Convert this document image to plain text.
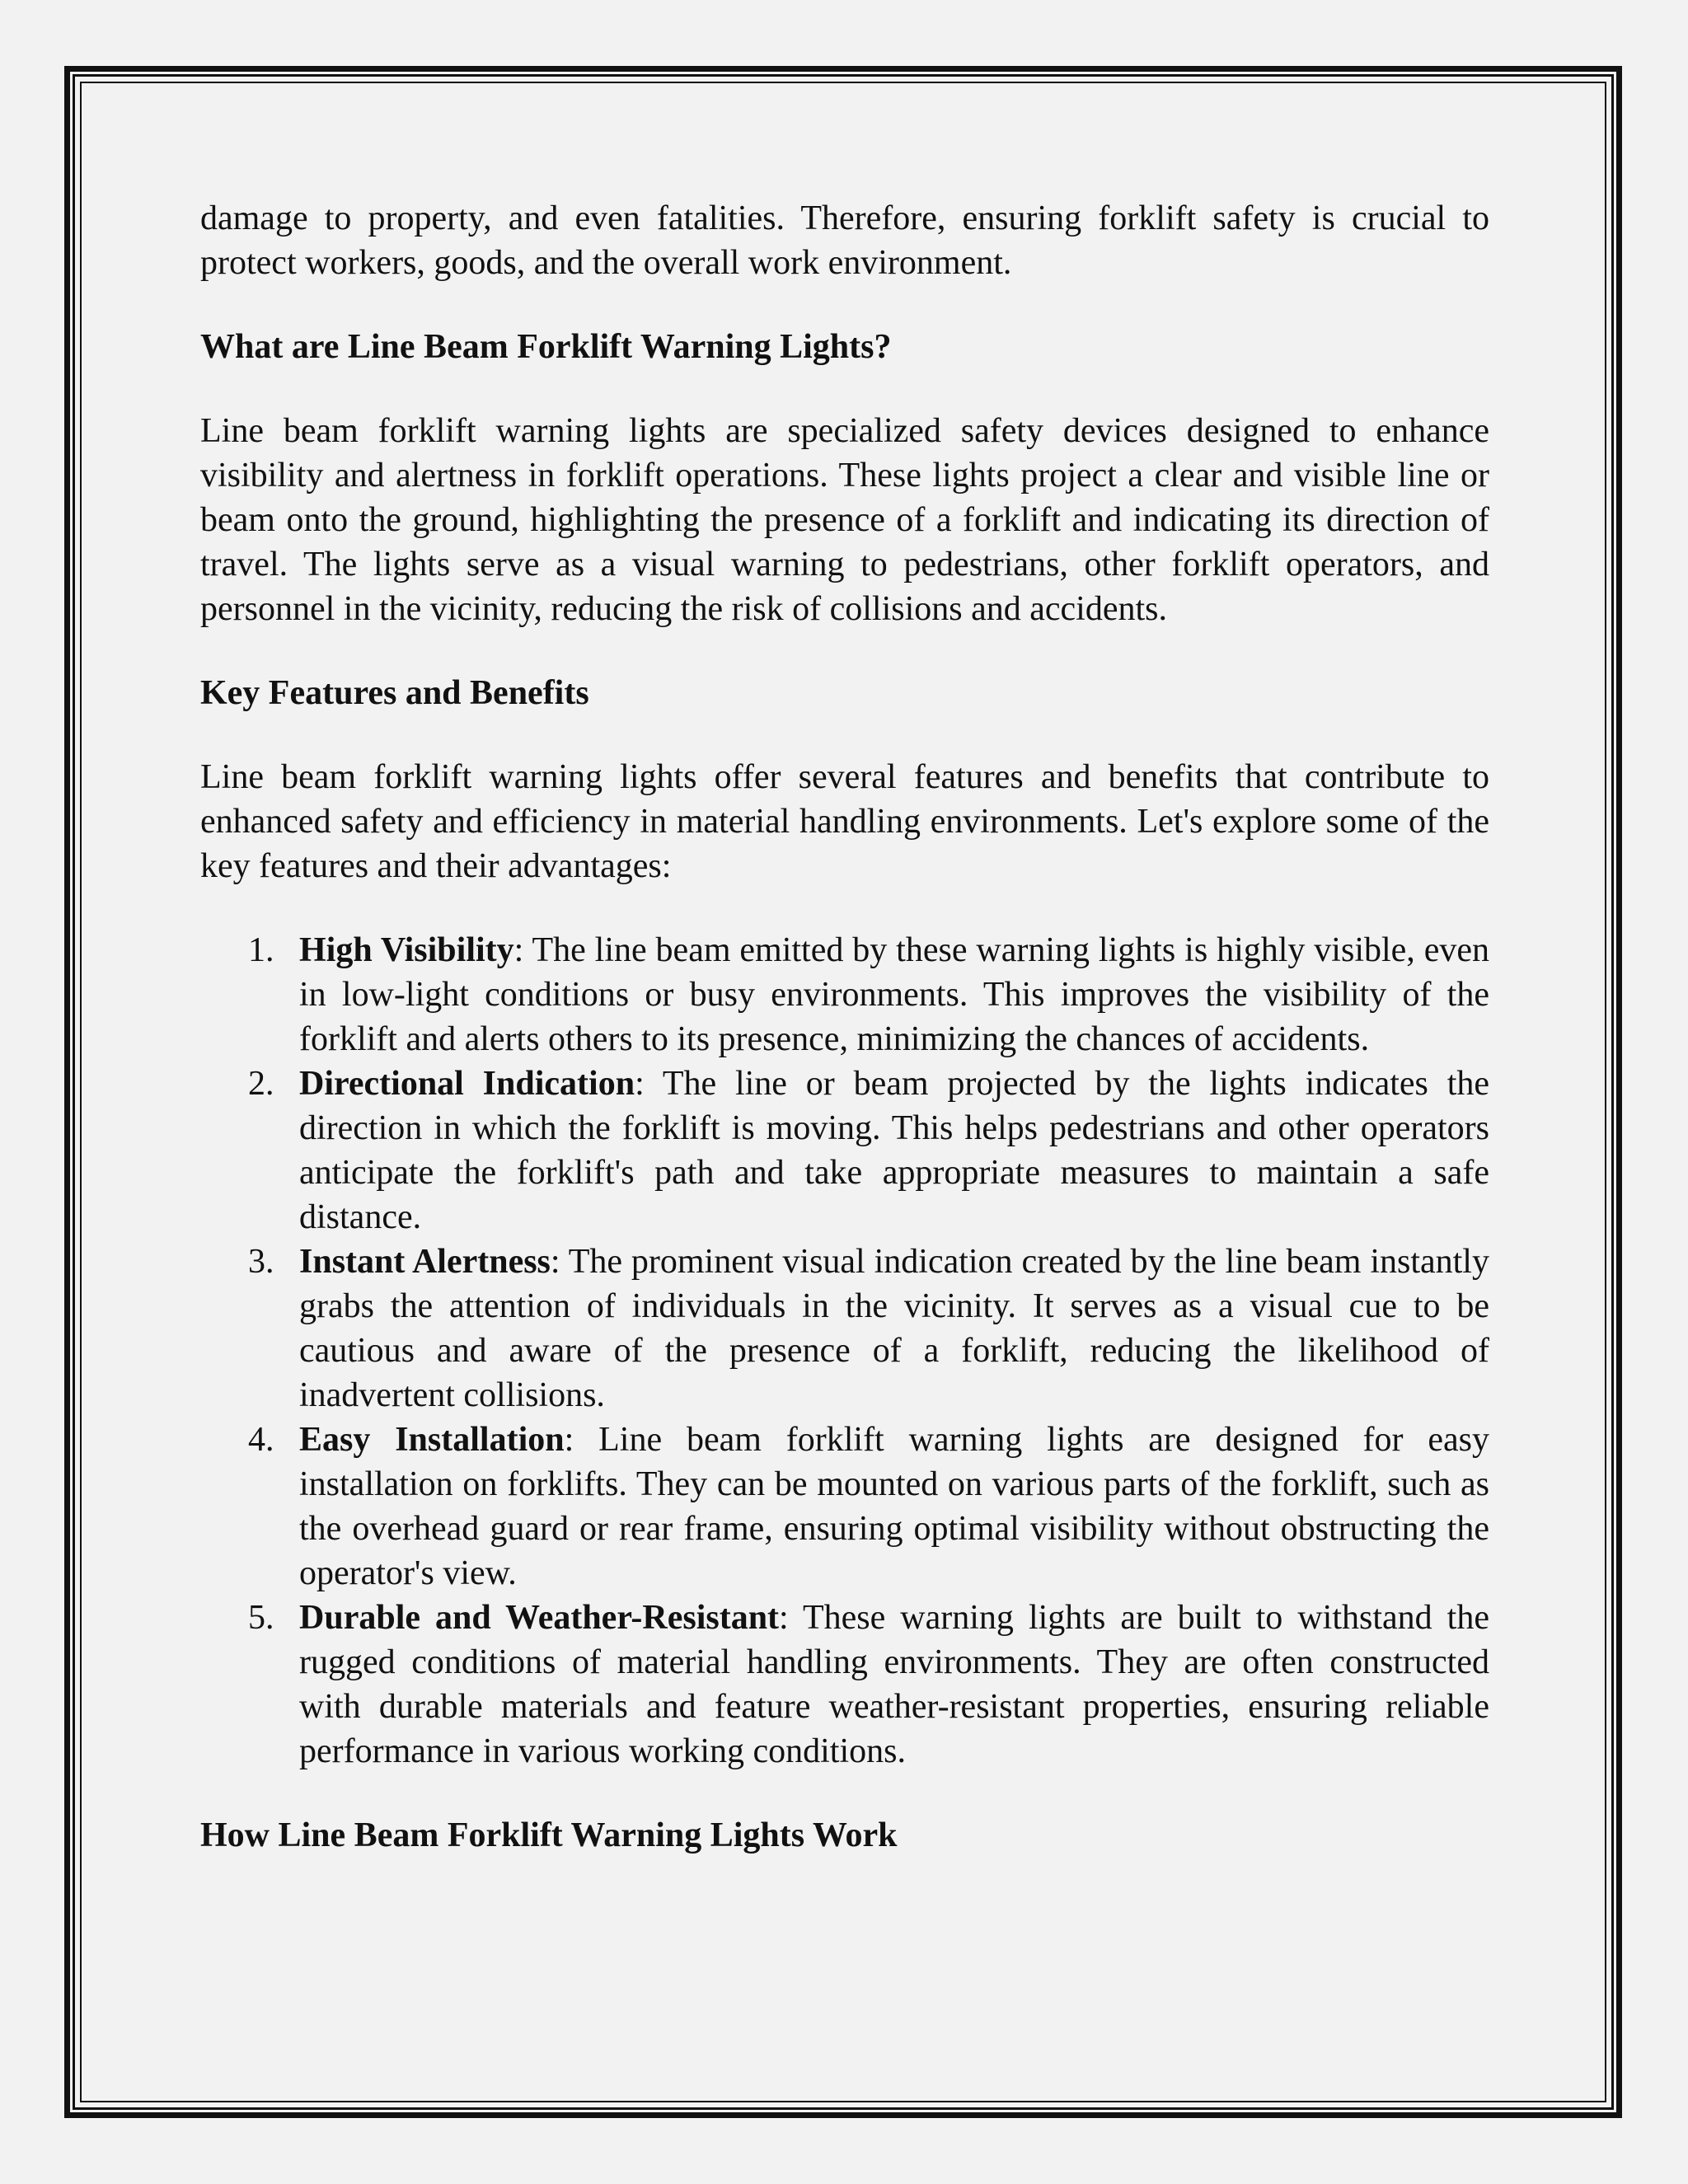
damage to property, and even fatalities. Therefore, ensuring forklift safety is crucial to protect workers, goods, and the overall work environment.

What are Line Beam Forklift Warning Lights?

Line beam forklift warning lights are specialized safety devices designed to enhance visibility and alertness in forklift operations. These lights project a clear and visible line or beam onto the ground, highlighting the presence of a forklift and indicating its direction of travel. The lights serve as a visual warning to pedestrians, other forklift operators, and personnel in the vicinity, reducing the risk of collisions and accidents.

Key Features and Benefits

Line beam forklift warning lights offer several features and benefits that contribute to enhanced safety and efficiency in material handling environments. Let's explore some of the key features and their advantages:

1. High Visibility: The line beam emitted by these warning lights is highly visible, even in low-light conditions or busy environments. This improves the visibility of the forklift and alerts others to its presence, minimizing the chances of accidents.
2. Directional Indication: The line or beam projected by the lights indicates the direction in which the forklift is moving. This helps pedestrians and other operators anticipate the forklift's path and take appropriate measures to maintain a safe distance.
3. Instant Alertness: The prominent visual indication created by the line beam instantly grabs the attention of individuals in the vicinity. It serves as a visual cue to be cautious and aware of the presence of a forklift, reducing the likelihood of inadvertent collisions.
4. Easy Installation: Line beam forklift warning lights are designed for easy installation on forklifts. They can be mounted on various parts of the forklift, such as the overhead guard or rear frame, ensuring optimal visibility without obstructing the operator's view.
5. Durable and Weather-Resistant: These warning lights are built to withstand the rugged conditions of material handling environments. They are often constructed with durable materials and feature weather-resistant properties, ensuring reliable performance in various working conditions.
How Line Beam Forklift Warning Lights Work
